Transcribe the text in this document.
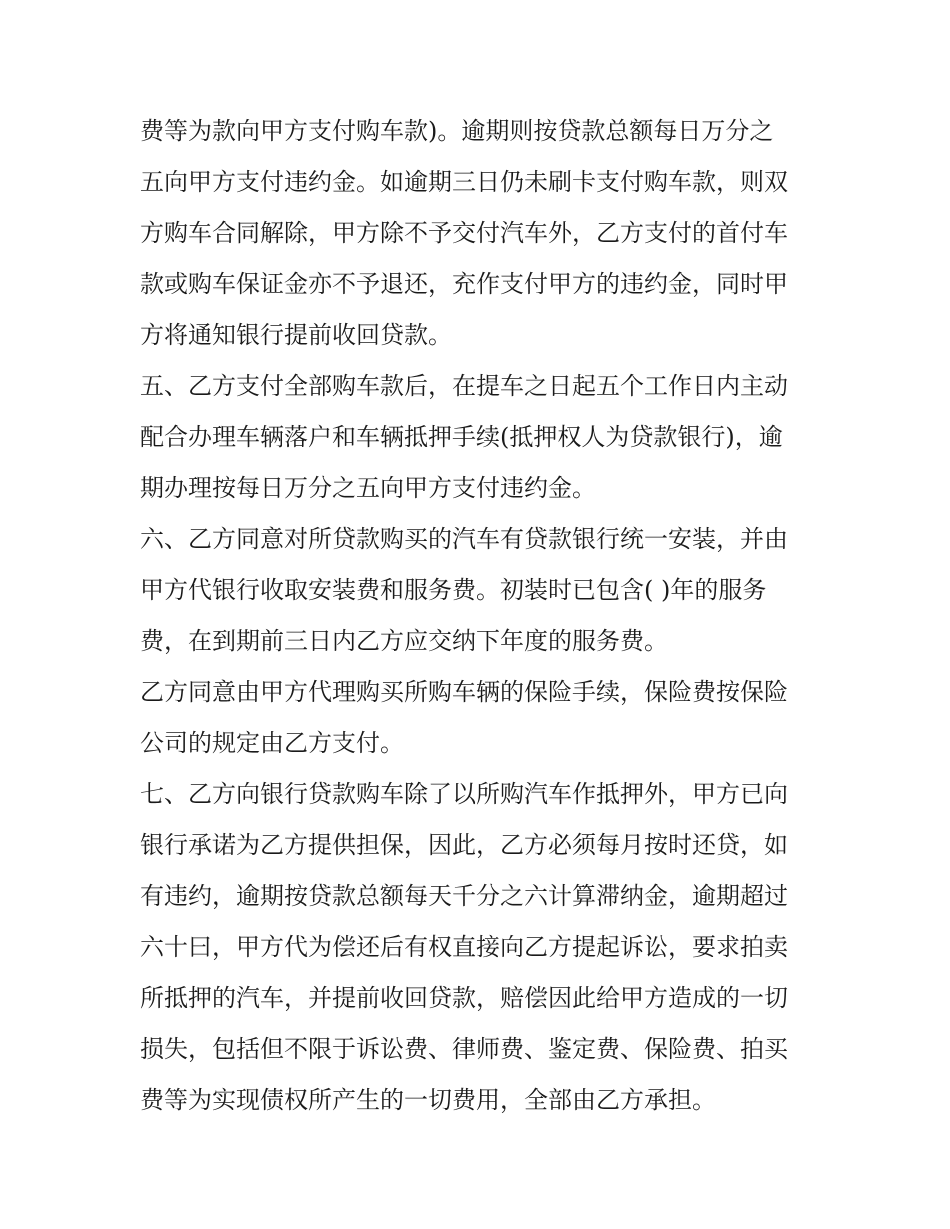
费等为款向甲方支付购车款)。逾期则按贷款总额每日万分之
五向甲方支付违约金。如逾期三日仍未刷卡支付购车款，则双
方购车合同解除，甲方除不予交付汽车外，乙方支付的首付车
款或购车保证金亦不予退还，充作支付甲方的违约金，同时甲
方将通知银行提前收回贷款。
五、乙方支付全部购车款后，在提车之日起五个工作日内主动
配合办理车辆落户和车辆抵押手续(抵押权人为贷款银行)，逾
期办理按每日万分之五向甲方支付违约金。
六、乙方同意对所贷款购买的汽车有贷款银行统一安装，并由
甲方代银行收取安装费和服务费。初装时已包含( )年的服务
费，在到期前三日内乙方应交纳下年度的服务费。
乙方同意由甲方代理购买所购车辆的保险手续，保险费按保险
公司的规定由乙方支付。
七、乙方向银行贷款购车除了以所购汽车作抵押外，甲方已向
银行承诺为乙方提供担保，因此，乙方必须每月按时还贷，如
有违约，逾期按贷款总额每天千分之六计算滞纳金，逾期超过
六十曰，甲方代为偿还后有权直接向乙方提起诉讼，要求拍卖
所抵押的汽车，并提前收回贷款，赔偿因此给甲方造成的一切
损失，包括但不限于诉讼费、律师费、鉴定费、保险费、拍买
费等为实现债权所产生的一切费用，全部由乙方承担。
